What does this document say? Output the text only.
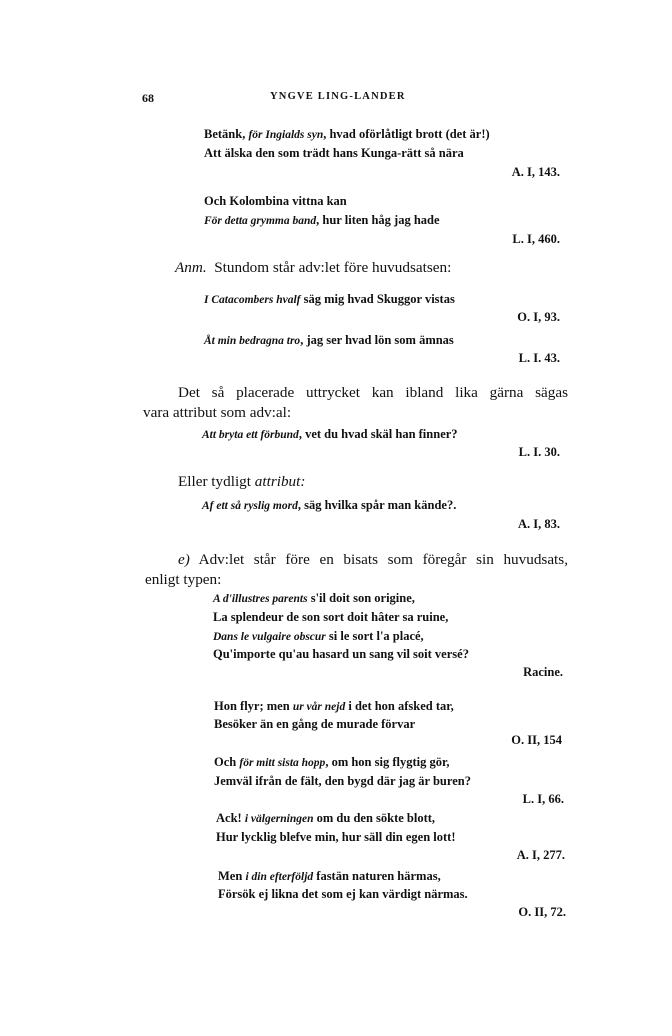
68	YNGVE LING-LANDER
Betänk, för Ingialds syn, hvad oförlåtligt brott (det är!)
Att älska den som trädt hans Kunga-rätt så nära
A. I, 143.
Och Kolombina vittna kan
För detta grymma band, hur liten håg jag hade
L. I, 460.
Anm.  Stundom står adv:let före huvudsatsen:
I Catacombers hvalf säg mig hvad Skuggor vistas
O. I, 93.
Åt min bedragna tro, jag ser hvad lön som ämnas
L. I. 43.
Det så placerade uttrycket kan ibland lika gärna sägas
vara attribut som adv:al:
Att bryta ett förbund, vet du hvad skäl han finner?
L. I. 30.
Eller tydligt attribut:
Af ett så ryslig mord, säg hvilka spår man kände?.
A. I, 83.
e) Adv:let står före en bisats som föregår sin huvudsats,
enligt typen:
A d'illustres parents s'il doit son origine,
La splendeur de son sort doit hâter sa ruine,
Dans le vulgaire obscur si le sort l'a placé,
Qu'importe qu'au hasard un sang vil soit versé?
Racine.
Hon flyr; men ur vår nejd i det hon afsked tar,
Besöker än en gång de murade förvar
O. II, 154
Och för mitt sista hopp, om hon sig flygtig gör,
Jemväl ifrån de fält, den bygd där jag är buren?
L. I, 66.
Ack! i välgerningen om du den sökte blott,
Hur lycklig blefve min, hur säll din egen lott!
A. I, 277.
Men i din efterföljd fastän naturen härmas,
Försök ej likna det som ej kan värdigt närmas.
O. II, 72.
